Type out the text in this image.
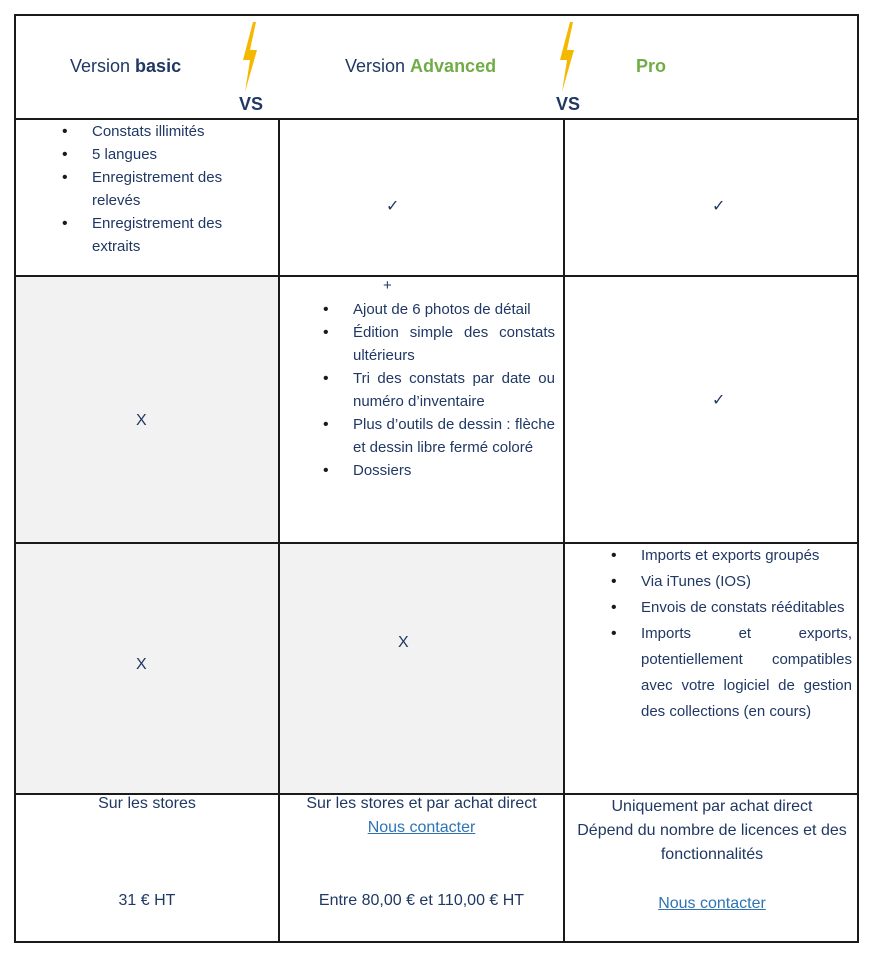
Version basic
VS
Version Advanced
VS
Pro
• Constats illimités
• 5 langues
• Enregistrement des relevés
• Enregistrement des extraits
✓	✓
X
+
• Ajout de 6 photos de détail
• Édition simple des constats ultérieurs
• Tri des constats par date ou numéro d’inventaire
• Plus d’outils de dessin : flèche et dessin libre fermé coloré
• Dossiers
✓
X
X
• Imports et exports groupés
• Via iTunes (IOS)
• Envois de constats rééditables
• Imports et exports, potentiellement compatibles avec votre logiciel de gestion des collections (en cours)
Sur les stores
31 € HT
Sur les stores et par achat direct
Nous contacter
Entre 80,00 € et 110,00 € HT
Uniquement par achat direct
Dépend du nombre de licences et des fonctionnalités
Nous contacter
